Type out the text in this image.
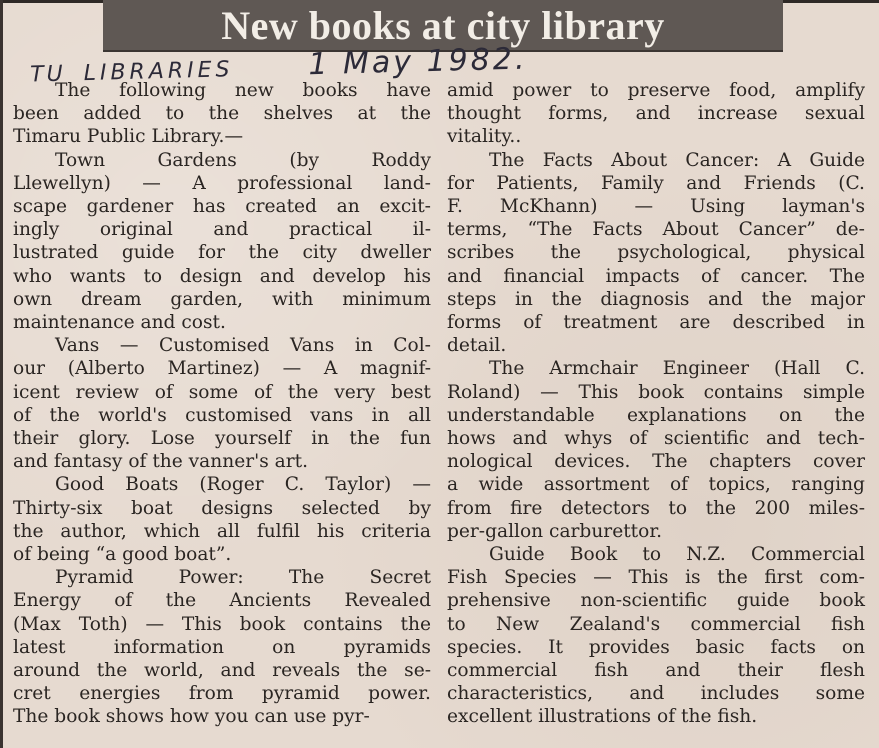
New books at city library
TU LIBRARIES 1 May 1982.
The following new books have
been added to the shelves at the
Timaru Public Library.—
Town	Gardens	(by	Roddy
Llewellyn) — A professional land-
scape gardener has created an excit-
ingly original and practical il-
lustrated guide for the city dweller
who wants to design and develop his
own dream garden, with minimum
maintenance and cost.
Vans — Customised Vans in Col-
our (Alberto Martinez) — A magnif-
icent review of some of the very best
of the world's customised vans in all
their glory. Lose yourself in the fun
and fantasy of the vanner's art.
Good Boats (Roger C. Taylor) —
Thirty-six boat designs selected by
the author, which all fulfil his criteria
of being “a good boat”.
Pyramid Power: The Secret
Energy of the Ancients Revealed
(Max Toth) — This book contains the
latest	information	on	pyramids
around the world, and reveals the se-
cret energies from pyramid power.
The book shows how you can use pyr-
amid power to preserve food, amplify
thought forms, and increase sexual
vitality..
The Facts About Cancer: A Guide
for Patients, Family and Friends (C.
F. McKhann) — Using layman's
terms, “The Facts About Cancer” de-
scribes the psychological, physical
and financial impacts of cancer. The
steps in the diagnosis and the major
forms of treatment are described in
detail.
The Armchair Engineer (Hall C.
Roland) — This book contains simple
understandable explanations on the
hows and whys of scientific and tech-
nological devices. The chapters cover
a wide assortment of topics, ranging
from fire detectors to the 200 miles-
per-gallon carburettor.
Guide Book to N.Z. Commercial
Fish Species — This is the first com-
prehensive non-scientific guide book
to New Zealand's commercial fish
species. It provides basic facts on
commercial fish and their flesh
characteristics, and includes some
excellent illustrations of the fish.
